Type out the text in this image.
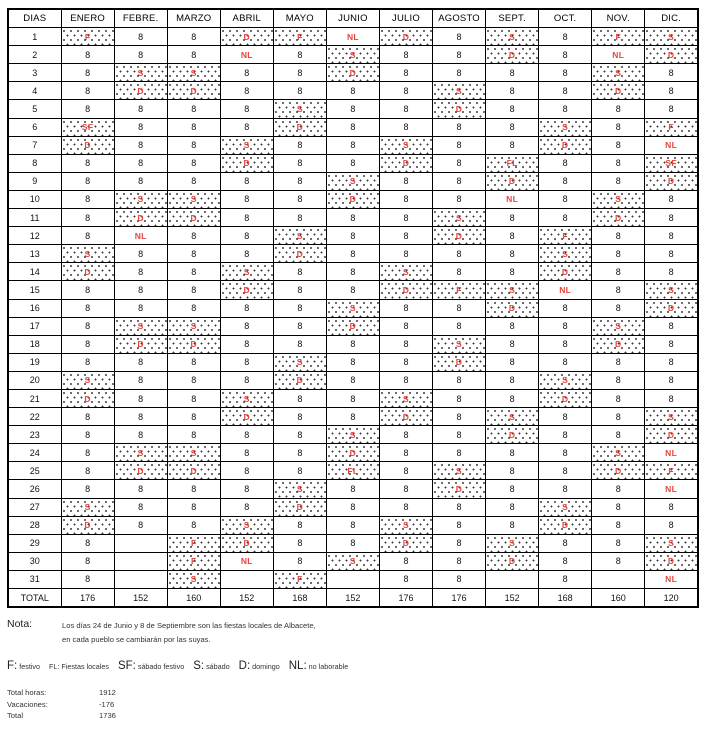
DIAS	ENERO	FEBRE.	MARZO	ABRIL	MAYO	JUNIO	JULIO	AGOSTO	SEPT.	OCT.	NOV.	DIC.
1	F	8	8	D	F	NL	D	8	S	8	F	S

2	8	8	8	NL	8	S	8	8	D	8	NL	D

3	8	S	S	8	8	D	8	8	8	8	S	8

4	8	D	D	8	8	8	8	S	8	8	D	8

5	8	8	8	8	S	8	8	D	8	8	8	8

6	SF	8	8	8	D	8	8	8	8	S	8	F

7	D	8	8	S	8	8	S	8	8	D	8	NL

8	8	8	8	D	8	8	D	8	FL	8	8	SF

9	8	8	8	8	8	S	8	8	D	8	8	D

10	8	S	S	8	8	D	8	8	NL	8	S	8

11	8	D	D	8	8	8	8	S	8	8	D	8

12	8	NL	8	8	S	8	8	D	8	F	8	8

13	S	8	8	8	D	8	8	8	8	S	8	8

14	D	8	8	S	8	8	S	8	8	D	8	8

15	8	8	8	D	8	8	D	F	S	NL	8	S

16	8	8	8	8	8	S	8	8	D	8	8	D

17	8	S	S	8	8	D	8	8	8	8	S	8

18	8	D	D	8	8	8	8	S	8	8	D	8

19	8	8	8	8	S	8	8	D	8	8	8	8

20	S	8	8	8	D	8	8	8	8	S	8	8

21	D	8	8	S	8	8	S	8	8	D	8	8

22	8	8	8	D	8	8	D	8	S	8	8	S

23	8	8	8	8	8	S	8	8	D	8	8	D

24	8	S	S	8	8	D	8	8	8	8	S	NL

25	8	D	D	8	8	FL	8	S	8	8	D	F

26	8	8	8	8	S	8	8	D	8	8	8	NL

27	S	8	8	8	D	8	8	8	8	S	8	8

28	D	8	8	S	8	8	S	8	8	D	8	8

29	8		F	D	8	8	D	8	S	8	8	S

30	8		F	NL	8	S	8	8	D	8	8	D

31	8		S		F		8	8		8		NL

TOTAL	176	152	160	152	168	152	176	176	152	168	160	120
Nota:	Los días 24 de Junio y 8 de Septiembre son las fiestas locales de Albacete,
en cada pueblo se cambiarán por las suyas.
F: festivo FL: Fiestas locales SF: sábado festivo S: sábado D: domingo NL: no laborable
Total horas:	1912
Vacaciones:	-176
Total	1736
